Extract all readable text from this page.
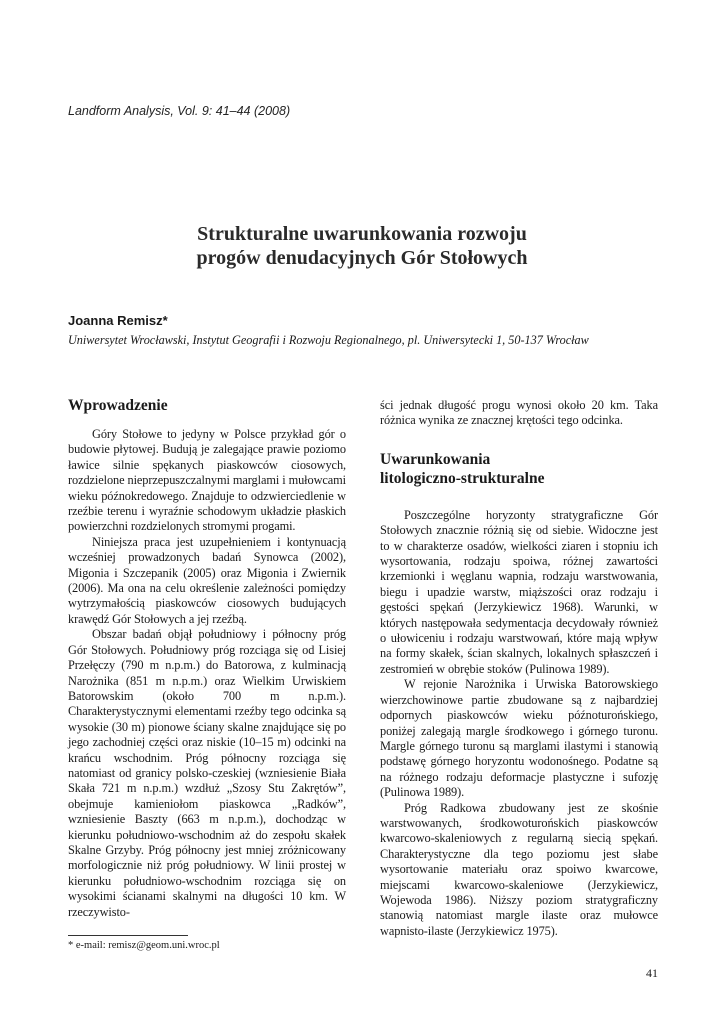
Landform Analysis, Vol. 9: 41–44 (2008)
Strukturalne uwarunkowania rozwoju
progów denudacyjnych Gór Stołowych
Joanna Remisz*
Uniwersytet Wrocławski, Instytut Geografii i Rozwoju Regionalnego, pl. Uniwersytecki 1, 50-137 Wrocław
Wprowadzenie

Góry Stołowe to jedyny w Polsce przykład gór o budowie płytowej. Budują je zalegające prawie poziomo ławice silnie spękanych piaskowców ciosowych, rozdzielone nieprzepuszczalnymi marglami i mułowcami wieku późnokredowego. Znajduje to odzwierciedlenie w rzeźbie terenu i wyraźnie schodowym układzie płaskich powierzchni rozdzielonych stromymi progami.

Niniejsza praca jest uzupełnieniem i kontynuacją wcześniej prowadzonych badań Synowca (2002), Migonia i Szczepanik (2005) oraz Migonia i Zwiernik (2006). Ma ona na celu określenie zależności pomiędzy wytrzymałością piaskowców ciosowych budujących krawędź Gór Stołowych a jej rzeźbą.

Obszar badań objął południowy i północny próg Gór Stołowych. Południowy próg rozciąga się od Lisiej Przełęczy (790 m n.p.m.) do Batorowa, z kulminacją Narożnika (851 m n.p.m.) oraz Wielkim Urwiskiem Batorowskim (około 700 m n.p.m.). Charakterystycznymi elementami rzeźby tego odcinka są wysokie (30 m) pionowe ściany skalne znajdujące się po jego zachodniej części oraz niskie (10–15 m) odcinki na krańcu wschodnim. Próg północny rozciąga się natomiast od granicy polsko-czeskiej (wzniesienie Biała Skała 721 m n.p.m.) wzdłuż „Szosy Stu Zakrętów”, obejmuje kamieniołom piaskowca „Radków”, wzniesienie Baszty (663 m n.p.m.), dochodząc w kierunku południowo-wschodnim aż do zespołu skałek Skalne Grzyby. Próg północny jest mniej zróżnicowany morfologicznie niż próg południowy. W linii prostej w kierunku południowo-wschodnim rozciąga się on wysokimi ścianami skalnymi na długości 10 km. W rzeczywisto-

ści jednak długość progu wynosi około 20 km. Taka różnica wynika ze znacznej krętości tego odcinka.

Uwarunkowania
litologiczno-strukturalne

Poszczególne horyzonty stratygraficzne Gór Stołowych znacznie różnią się od siebie. Widoczne jest to w charakterze osadów, wielkości ziaren i stopniu ich wysortowania, rodzaju spoiwa, różnej zawartości krzemionki i węglanu wapnia, rodzaju warstwowania, biegu i upadzie warstw, miąższości oraz rodzaju i gęstości spękań (Jerzykiewicz 1968). Warunki, w których następowała sedymentacja decydowały również o ułowiceniu i rodzaju warstwowań, które mają wpływ na formy skałek, ścian skalnych, lokalnych spłaszczeń i zestromień w obrębie stoków (Pulinowa 1989).

W rejonie Narożnika i Urwiska Batorowskiego wierzchowinowe partie zbudowane są z najbardziej odpornych piaskowców wieku późnoturońskiego, poniżej zalegają margle środkowego i górnego turonu. Margle górnego turonu są marglami ilastymi i stanowią podstawę górnego horyzontu wodonośnego. Podatne są na różnego rodzaju deformacje plastyczne i sufozję (Pulinowa 1989).

Próg Radkowa zbudowany jest ze skośnie warstwowanych, środkowoturońskich piaskowców kwarcowo-skaleniowych z regularną siecią spękań. Charakterystyczne dla tego poziomu jest słabe wysortowanie materiału oraz spoiwo kwarcowe, miejscami kwarcowo-skaleniowe (Jerzykiewicz, Wojewoda 1986). Niższy poziom stratygraficzny stanowią natomiast margle ilaste oraz mułowce wapnisto-ilaste (Jerzykiewicz 1975).

* e-mail: remisz@geom.uni.wroc.pl
41
